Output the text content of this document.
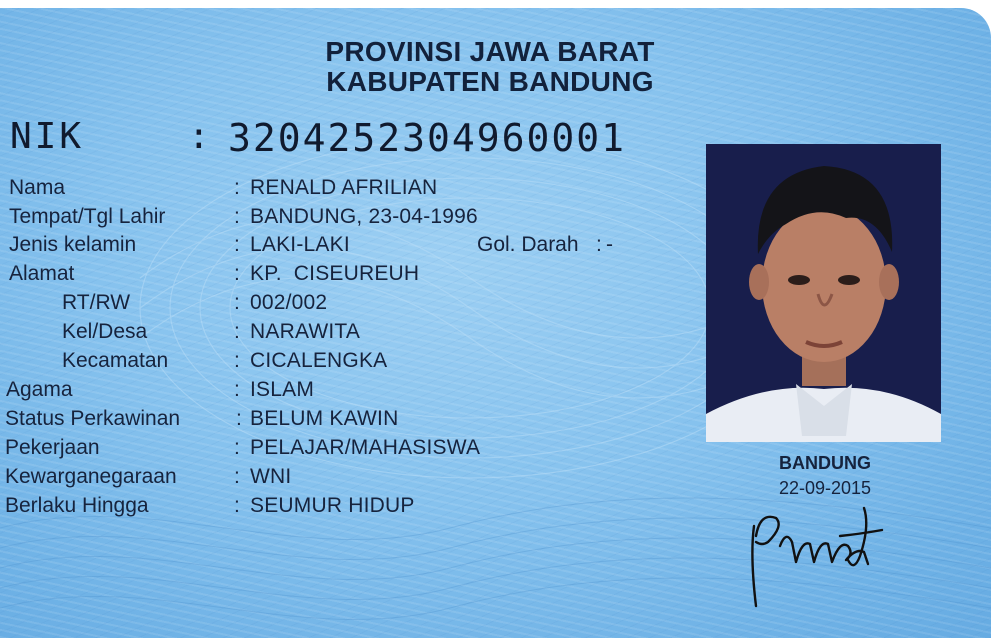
PROVINSI JAWA BARAT
KABUPATEN BANDUNG
NIK	: 3204252304960001
Nama	: RENALD AFRILIAN
Tempat/Tgl Lahir	: BANDUNG, 23-04-1996
Jenis kelamin	: LAKI-LAKI	Gol. Darah : -
Alamat	: KP.  CISEUREUH
RT/RW	: 002/002
Kel/Desa	: NARAWITA
Kecamatan	: CICALENGKA
Agama	: ISLAM
Status Perkawinan	: BELUM KAWIN
Pekerjaan	: PELAJAR/MAHASISWA
Kewarganegaraan	: WNI
Berlaku Hingga	: SEUMUR HIDUP
BANDUNG
22-09-2015
